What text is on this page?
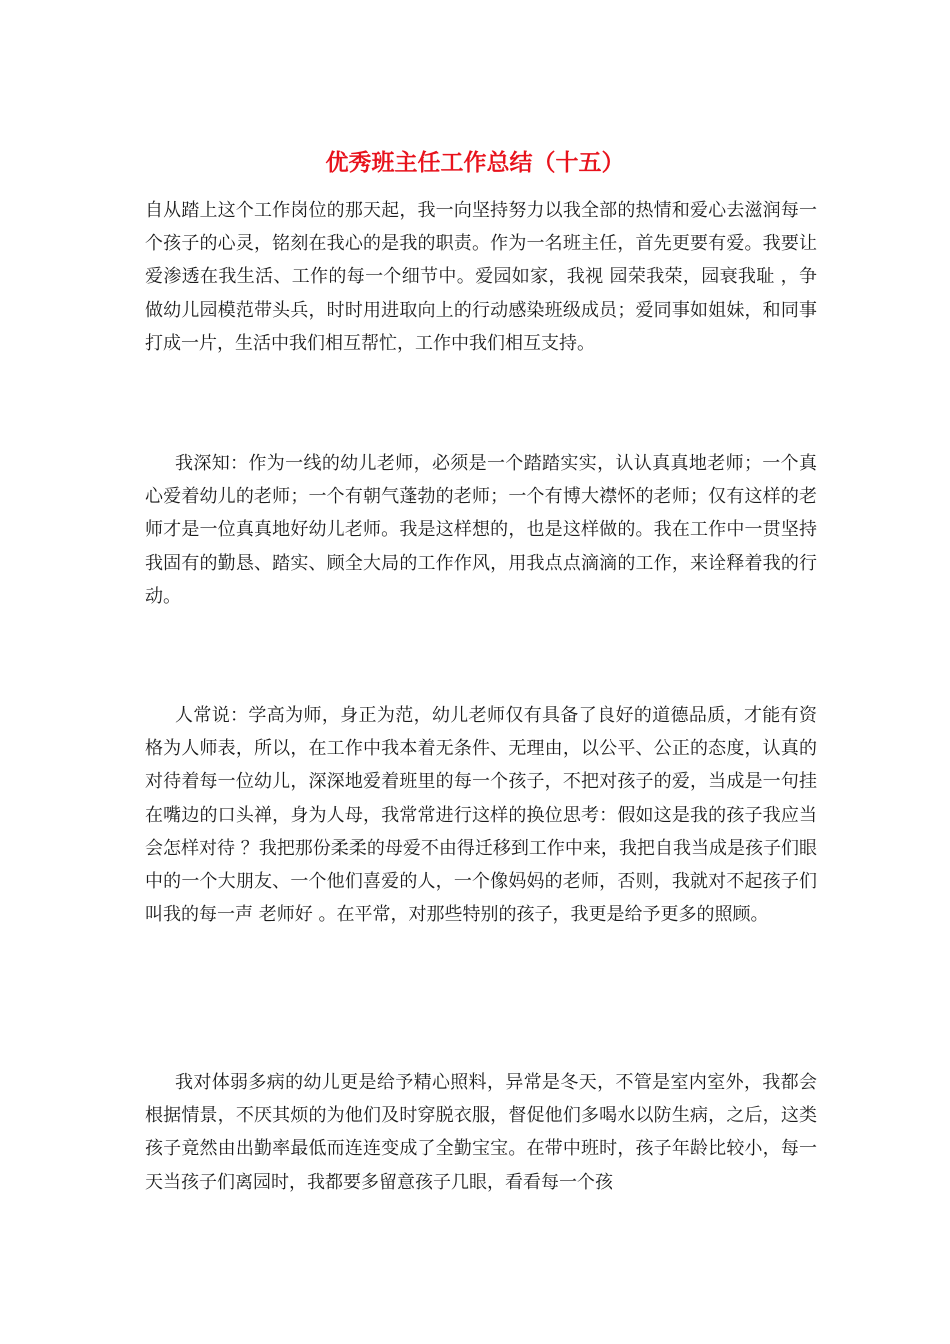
优秀班主任工作总结（十五）

自从踏上这个工作岗位的那天起，我一向坚持努力以我全部的热情和爱心去滋润每一个孩子的心灵，铭刻在我心的是我的职责。作为一名班主任，首先更要有爱。我要让爱渗透在我生活、工作的每一个细节中。爱园如家，我视 园荣我荣，园衰我耻 ，争做幼儿园模范带头兵，时时用进取向上的行动感染班级成员；爱同事如姐妹，和同事打成一片，生活中我们相互帮忙，工作中我们相互支持。

我深知：作为一线的幼儿老师，必须是一个踏踏实实，认认真真地老师；一个真心爱着幼儿的老师；一个有朝气蓬勃的老师；一个有博大襟怀的老师；仅有这样的老师才是一位真真地好幼儿老师。我是这样想的，也是这样做的。我在工作中一贯坚持我固有的勤恳、踏实、顾全大局的工作作风，用我点点滴滴的工作，来诠释着我的行动。

人常说：学高为师，身正为范，幼儿老师仅有具备了良好的道德品质，才能有资格为人师表，所以，在工作中我本着无条件、无理由，以公平、公正的态度，认真的对待着每一位幼儿，深深地爱着班里的每一个孩子，不把对孩子的爱，当成是一句挂在嘴边的口头禅，身为人母，我常常进行这样的换位思考：假如这是我的孩子我应当会怎样对待 ？我把那份柔柔的母爱不由得迁移到工作中来，我把自我当成是孩子们眼中的一个大朋友、一个他们喜爱的人，一个像妈妈的老师，否则，我就对不起孩子们叫我的每一声 老师好 。在平常，对那些特别的孩子，我更是给予更多的照顾。

我对体弱多病的幼儿更是给予精心照料，异常是冬天，不管是室内室外，我都会根据情景，不厌其烦的为他们及时穿脱衣服，督促他们多喝水以防生病，之后，这类孩子竟然由出勤率最低而连连变成了全勤宝宝。在带中班时，孩子年龄比较小，每一天当孩子们离园时，我都要多留意孩子几眼，看看每一个孩
